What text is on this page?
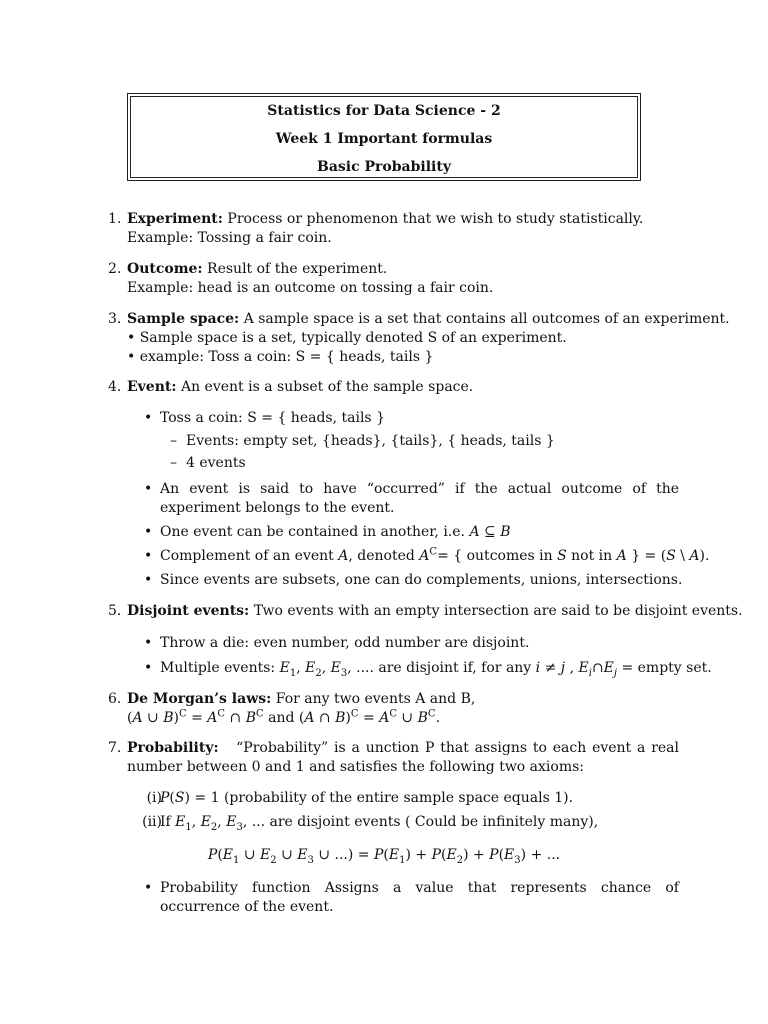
Statistics for Data Science - 2
Week 1 Important formulas
Basic Probability
1. Experiment: Process or phenomenon that we wish to study statistically.
Example: Tossing a fair coin.
2. Outcome: Result of the experiment.
Example: head is an outcome on tossing a fair coin.
3. Sample space: A sample space is a set that contains all outcomes of an experiment.
• Sample space is a set, typically denoted S of an experiment.
• example: Toss a coin: S = { heads, tails }
4. Event: An event is a subset of the sample space.
• Toss a coin: S = { heads, tails }
– Events: empty set, {heads}, {tails}, { heads, tails }
– 4 events
• An event is said to have “occurred” if the actual outcome of the experiment belongs to the event.
• One event can be contained in another, i.e. A ⊆ B
• Complement of an event A, denoted $A^C=$ { outcomes in S not in A } = (S \ A).
• Since events are subsets, one can do complements, unions, intersections.
5. Disjoint events: Two events with an empty intersection are said to be disjoint events.
• Throw a die: even number, odd number are disjoint.
• Multiple events: $E_1$, $E_2$, $E_3$, .... are disjoint if, for any i ≠ j , $E_i\cap E_j$ = empty set.
6. De Morgan’s laws: For any two events A and B,
(A ∪ $B)^C = A^C$ ∩ $B^C$ and (A ∩ $B)^C = A^C$ ∪ $B^C$.
7. Probability: “Probability” is a unction P that assigns to each event a real number between 0 and 1 and satisfies the following two axioms:
(i)
P(S) = 1 (probability of the entire sample space equals 1).
(ii)
If $E_1$, $E_2$, $E_3$, ... are disjoint events ( Could be infinitely many),
$P(E_1$ ∪ $E_2$ ∪ $E_3$ ∪ ...) = $P(E_1) + P(E_2) + P(E_3)$ + ...
• Probability function Assigns a value that represents chance of occurrence of the event.
